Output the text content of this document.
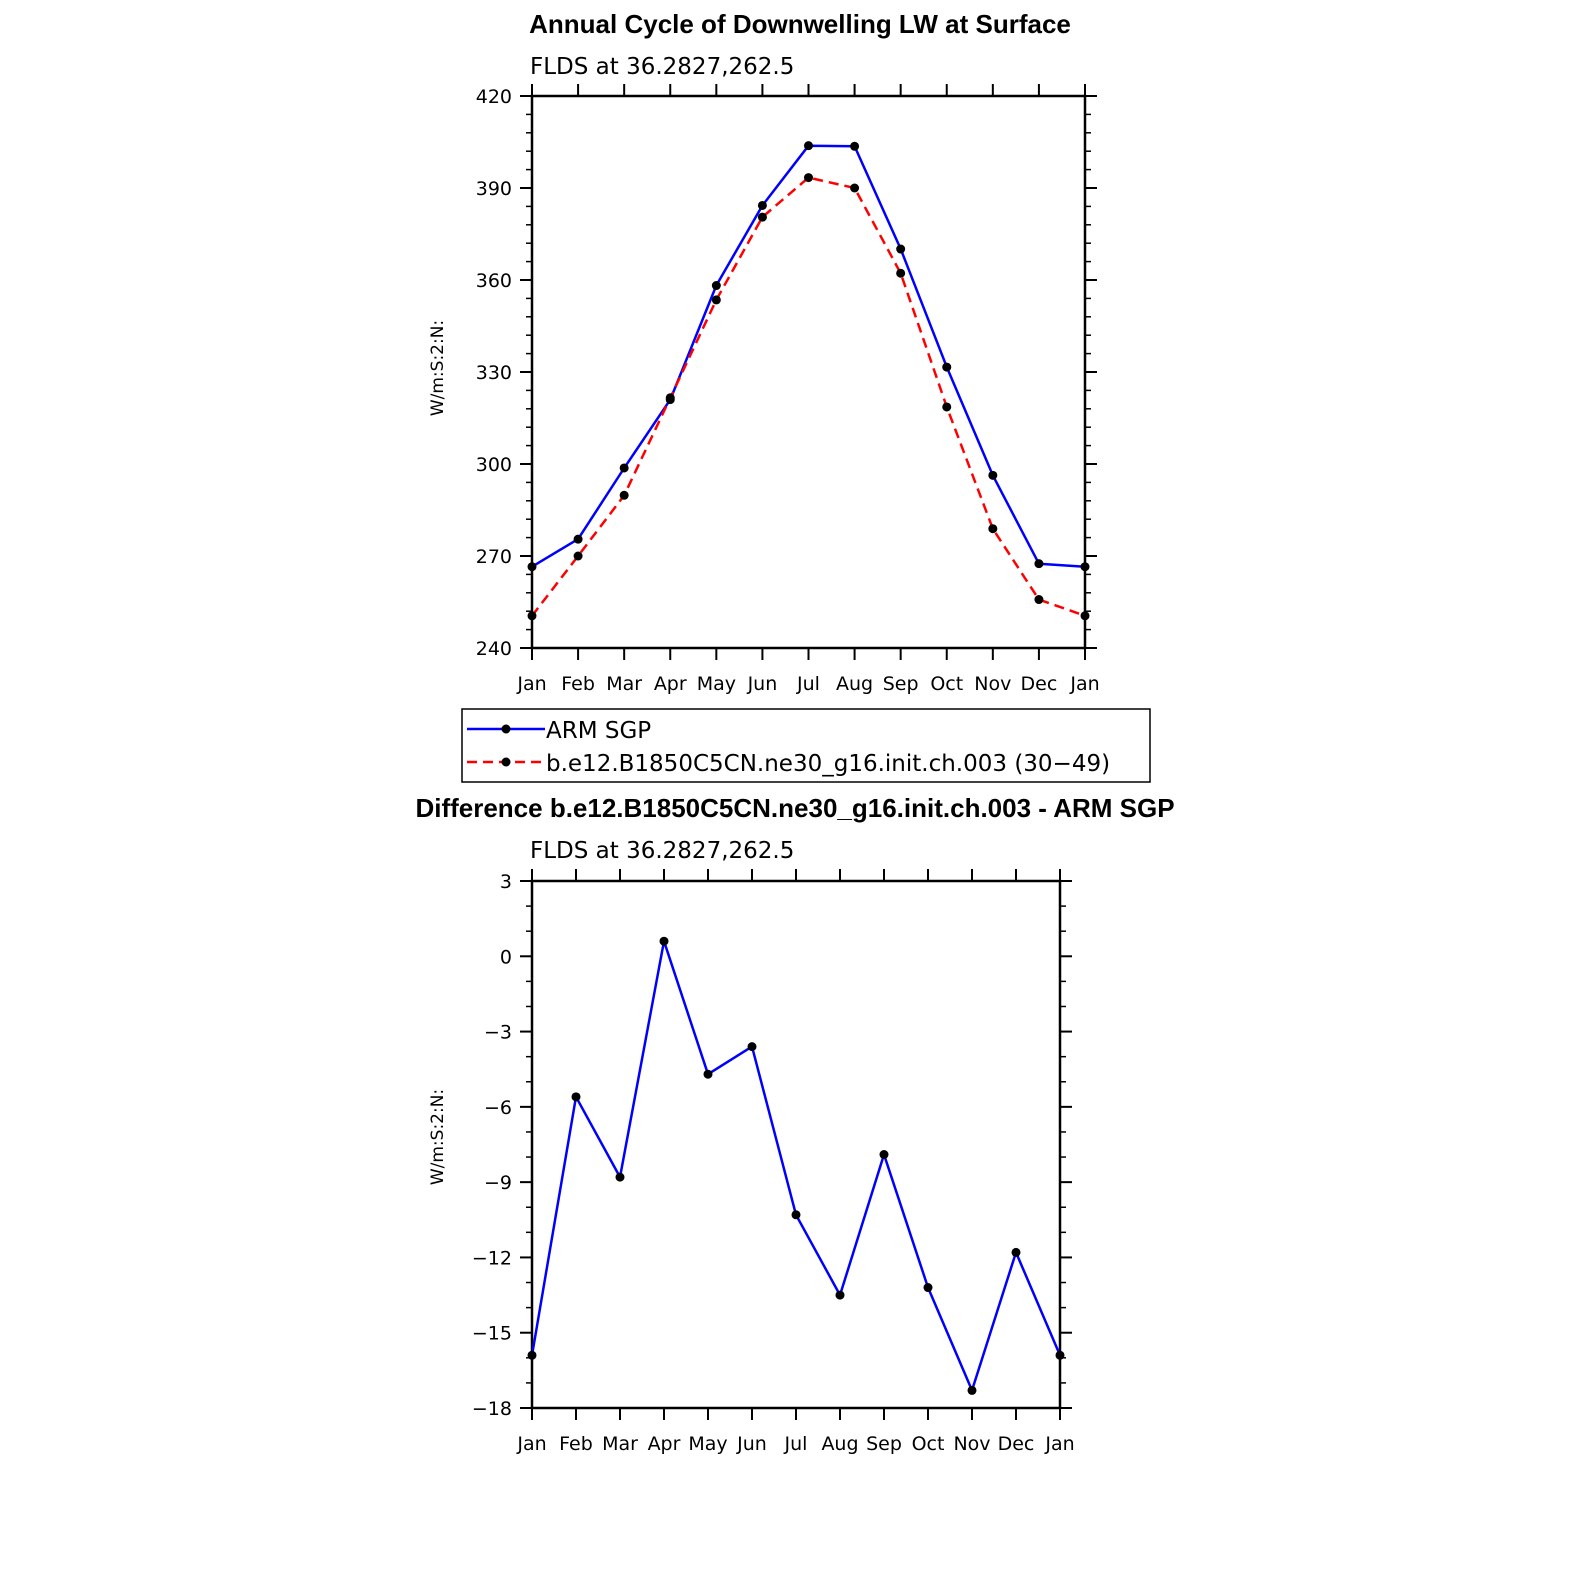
Annual Cycle of Downwelling LW at Surface
FLDS at 36.2827,262.5
W/m:S:2:N:
Jan Feb Mar Apr May Jun Jul Aug Sep Oct Nov Dec Jan
240
270
300
330
360
390
420
ARM SGP
b.e12.B1850C5CN.ne30_g16.init.ch.003 (30−49)
Difference b.e12.B1850C5CN.ne30_g16.init.ch.003 - ARM SGP
FLDS at 36.2827,262.5
W/m:S:2:N:
Jan Feb Mar Apr May Jun Jul Aug Sep Oct Nov Dec Jan
−18
−15
−12
−9
−6
−3
0
3
